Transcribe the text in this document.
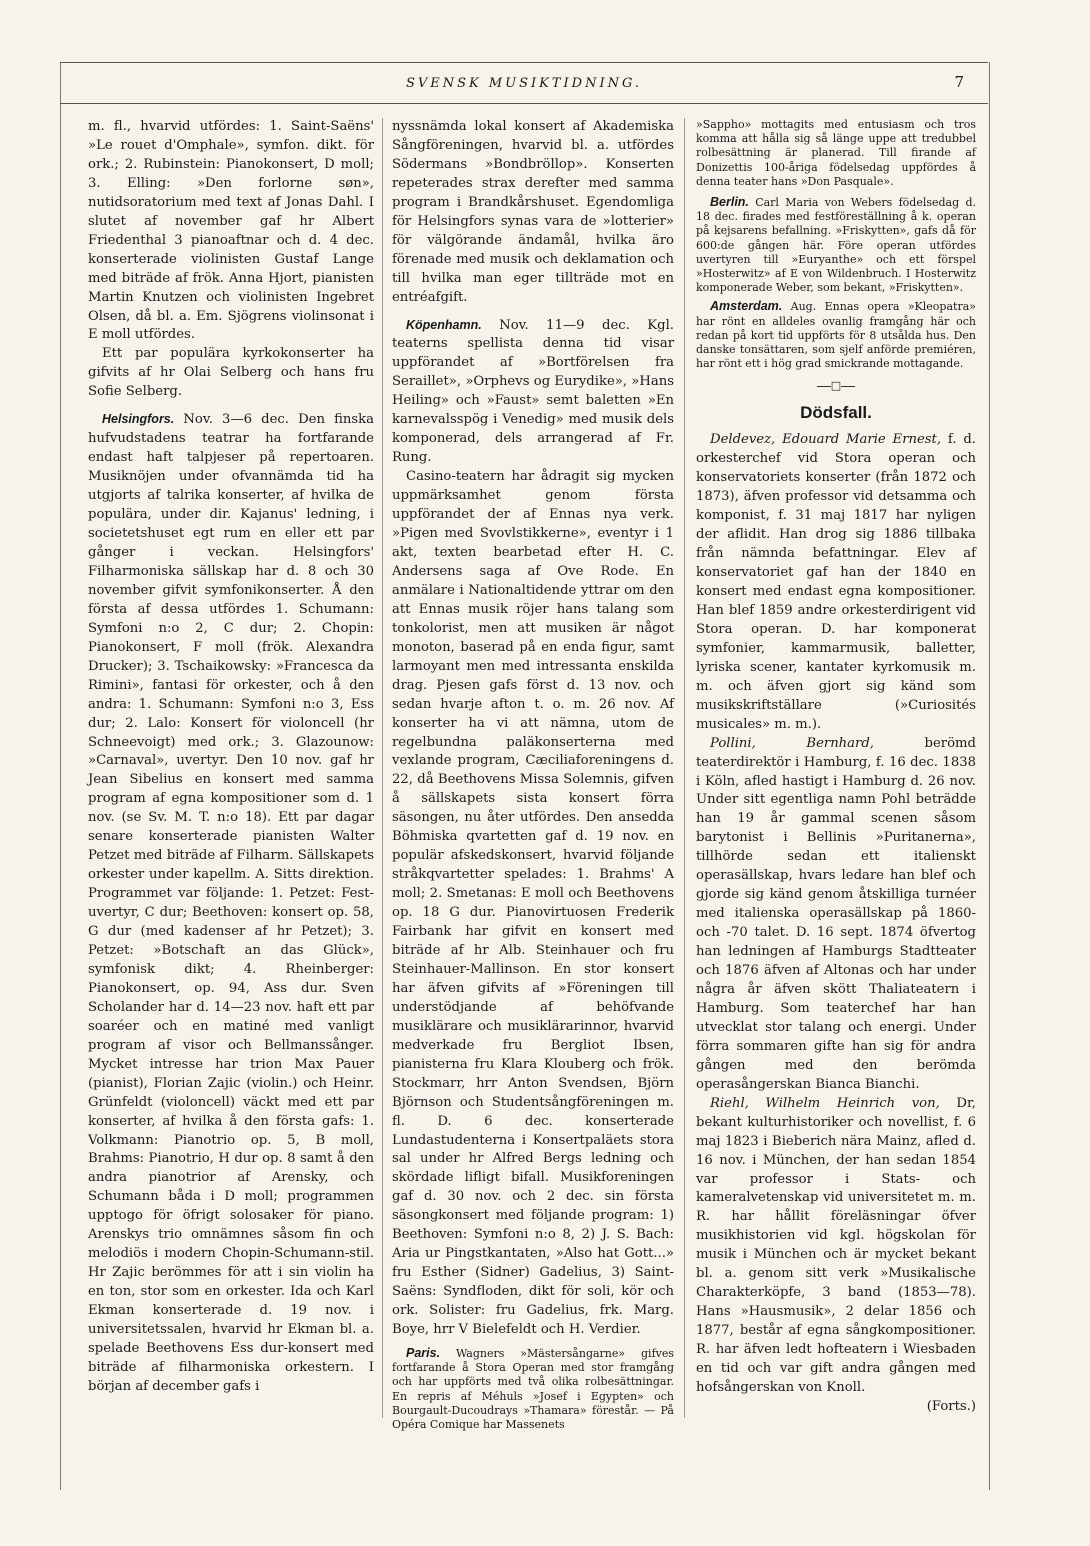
SVENSK MUSIKTIDNING.	7

m. fl., hvarvid utfördes: 1. Saint-Saëns' »Le rouet d'Omphale», symfon. dikt. för ork.; 2. Rubinstein: Pianokonsert, D moll; 3. Elling: »Den forlorne søn», nutidsoratorium med text af Jonas Dahl. I slutet af november gaf hr Albert Friedenthal 3 pianoaftnar och d. 4 dec. konserterade violinisten Gustaf Lange med biträde af frök. Anna Hjort, pianisten Martin Knutzen och violinisten Ingebret Olsen, då bl. a. Em. Sjögrens violinsonat i E moll utfördes.

Ett par populära kyrkokonserter ha gifvits af hr Olai Selberg och hans fru Sofie Selberg.

Helsingfors. Nov. 3—6 dec. Den finska hufvudstadens teatrar ha fortfarande endast haft talpjeser på repertoaren. Musiknöjen under ofvannämda tid ha utgjorts af talrika konserter, af hvilka de populära, under dir. Kajanus' ledning, i societetshuset egt rum en eller ett par gånger i veckan. Helsingfors' Filharmoniska sällskap har d. 8 och 30 november gifvit symfonikonserter. Å den första af dessa utfördes 1. Schumann: Symfoni n:o 2, C dur; 2. Chopin: Pianokonsert, F moll (frök. Alexandra Drucker); 3. Tschaikowsky: »Francesca da Rimini», fantasi för orkester, och å den andra: 1. Schumann: Symfoni n:o 3, Ess dur; 2. Lalo: Konsert för violoncell (hr Schneevoigt) med ork.; 3. Glazounow: »Carnaval», uvertyr. Den 10 nov. gaf hr Jean Sibelius en konsert med samma program af egna kompositioner som d. 1 nov. (se Sv. M. T. n:o 18). Ett par dagar senare konserterade pianisten Walter Petzet med biträde af Filharm. Sällskapets orkester under kapellm. A. Sitts direktion. Programmet var följande: 1. Petzet: Fest-uvertyr, C dur; Beethoven: konsert op. 58, G dur (med kadenser af hr Petzet); 3. Petzet: »Botschaft an das Glück», symfonisk dikt; 4. Rheinberger: Pianokonsert, op. 94, Ass dur. Sven Scholander har d. 14—23 nov. haft ett par soaréer och en matiné med vanligt program af visor och Bellmanssånger. Mycket intresse har trion Max Pauer (pianist), Florian Zajic (violin.) och Heinr. Grünfeldt (violoncell) väckt med ett par konserter, af hvilka å den första gafs: 1. Volkmann: Pianotrio op. 5, B moll, Brahms: Pianotrio, H dur op. 8 samt å den andra pianotrior af Arensky, och Schumann båda i D moll; programmen upptogo för öfrigt solosaker för piano. Arenskys trio omnämnes såsom fin och melodiös i modern Chopin-Schumann-stil. Hr Zajic berömmes för att i sin violin ha en ton, stor som en orkester. Ida och Karl Ekman konserterade d. 19 nov. i universitetssalen, hvarvid hr Ekman bl. a. spelade Beethovens Ess dur-konsert med biträde af filharmoniska orkestern. I början af december gafs i

nyssnämda lokal konsert af Akademiska Sångföreningen, hvarvid bl. a. utfördes Södermans »Bondbröllop». Konserten repeterades strax derefter med samma program i Brandkårshuset. Egendomliga för Helsingfors synas vara de »lotterier» för välgörande ändamål, hvilka äro förenade med musik och deklamation och till hvilka man eger tillträde mot en entréafgift.

Köpenhamn. Nov. 11—9 dec. Kgl. teaterns spellista denna tid visar uppförandet af »Bortförelsen fra Seraillet», »Orphevs og Eurydike», »Hans Heiling» och »Faust» semt baletten »En karnevalsspög i Venedig» med musik dels komponerad, dels arrangerad af Fr. Rung.

Casino-teatern har ådragit sig mycken uppmärksamhet genom första uppförandet der af Ennas nya verk. »Pigen med Svovlstikkerne», eventyr i 1 akt, texten bearbetad efter H. C. Andersens saga af Ove Rode. En anmälare i Nationaltidende yttrar om den att Ennas musik röjer hans talang som tonkolorist, men att musiken är något monoton, baserad på en enda figur, samt larmoyant men med intressanta enskilda drag. Pjesen gafs först d. 13 nov. och sedan hvarje afton t. o. m. 26 nov. Af konserter ha vi att nämna, utom de regelbundna paläkonserterna med vexlande program, Cæciliaforeningens d. 22, då Beethovens Missa Solemnis, gifven å sällskapets sista konsert förra säsongen, nu åter utfördes. Den ansedda Böhmiska qvartetten gaf d. 19 nov. en populär afskedskonsert, hvarvid följande stråkqvartetter spelades: 1. Brahms' A moll; 2. Smetanas: E moll och Beethovens op. 18 G dur. Pianovirtuosen Frederik Fairbank har gifvit en konsert med biträde af hr Alb. Steinhauer och fru Steinhauer-Mallinson. En stor konsert har äfven gifvits af »Föreningen till understödjande af behöfvande musiklärare och musiklärarinnor, hvarvid medverkade fru Bergliot Ibsen, pianisterna fru Klara Klouberg och frök. Stockmarr, hrr Anton Svendsen, Björn Björnson och Studentsångföreningen m. fl. D. 6 dec. konserterade Lundastudenterna i Konsertpaläets stora sal under hr Alfred Bergs ledning och skördade lifligt bifall. Musikforeningen gaf d. 30 nov. och 2 dec. sin första säsongkonsert med följande program: 1) Beethoven: Symfoni n:o 8, 2) J. S. Bach: Aria ur Pingstkantaten, »Also hat Gott...» fru Esther (Sidner) Gadelius, 3) Saint-Saëns: Syndfloden, dikt för soli, kör och ork. Solister: fru Gadelius, frk. Marg. Boye, hrr V Bielefeldt och H. Verdier.

Paris. Wagners »Mästersångarne» gifves fortfarande å Stora Operan med stor framgång och har uppförts med två olika rolbesättningar. En repris af Méhuls »Josef i Egypten» och Bourgault-Ducoudrays »Thamara» förestår. — På Opéra Comique har Massenets

»Sappho» mottagits med entusiasm och tros komma att hålla sig så länge uppe att tredubbel rolbesättning är planerad. Till firande af Donizettis 100-åriga födelsedag uppfördes å denna teater hans »Don Pasquale».

Berlin. Carl Maria von Webers födelsedag d. 18 dec. firades med festföreställning å k. operan på kejsarens befallning. »Friskytten», gafs då för 600:de gången här. Före operan utfördes uvertyren till »Euryanthe» och ett förspel »Hosterwitz» af E von Wildenbruch. I Hosterwitz komponerade Weber, som bekant, »Friskytten».

Amsterdam. Aug. Ennas opera »Kleopatra» har rönt en alldeles ovanlig framgång här och redan på kort tid uppförts för 8 utsålda hus. Den danske tonsättaren, som sjelf anförde premiéren, har rönt ett i hög grad smickrande mottagande.

□
Dödsfall.

Deldevez, Edouard Marie Ernest, f. d. orkesterchef vid Stora operan och konservatoriets konserter (från 1872 och 1873), äfven professor vid detsamma och komponist, f. 31 maj 1817 har nyligen der aflidit. Han drog sig 1886 tillbaka från nämnda befattningar. Elev af konservatoriet gaf han der 1840 en konsert med endast egna kompositioner. Han blef 1859 andre orkesterdirigent vid Stora operan. D. har komponerat symfonier, kammarmusik, balletter, lyriska scener, kantater kyrkomusik m. m. och äfven gjort sig känd som musikskriftställare (»Curiosités musicales» m. m.).

Pollini, Bernhard,	berömd teaterdirektör i Hamburg, f. 16 dec. 1838 i Köln, afled hastigt i Hamburg d. 26 nov. Under sitt egentliga namn Pohl beträdde han 19 år gammal scenen såsom barytonist i Bellinis »Puritanerna», tillhörde sedan ett italienskt operasällskap, hvars ledare han blef och gjorde sig känd genom åtskilliga turnéer med italienska operasällskap på 1860- och -70 talet. D. 16 sept. 1874 öfvertog han ledningen af Hamburgs Stadtteater och 1876 äfven af Altonas och har under några år äfven skött Thaliateatern i Hamburg. Som teaterchef har han utvecklat stor talang och energi. Under förra sommaren gifte han sig för andra gången med den berömda operasångerskan Bianca Bianchi.

Riehl, Wilhelm Heinrich von, Dr, bekant kulturhistoriker och novellist, f. 6 maj 1823 i Bieberich nära Mainz, afled d. 16 nov. i München, der han sedan 1854 var professor i Stats- och kameralvetenskap vid universitetet m. m. R. har hållit föreläsningar öfver musikhistorien vid kgl. högskolan för musik i München och är mycket bekant bl. a. genom sitt verk »Musikalische Charakterköpfe, 3 band (1853—78). Hans »Hausmusik», 2 delar 1856 och 1877, består af egna sångkompositioner. R. har äfven ledt hofteatern i Wiesbaden en tid och var gift andra gången med hofsångerskan von Knoll.

(Forts.)
